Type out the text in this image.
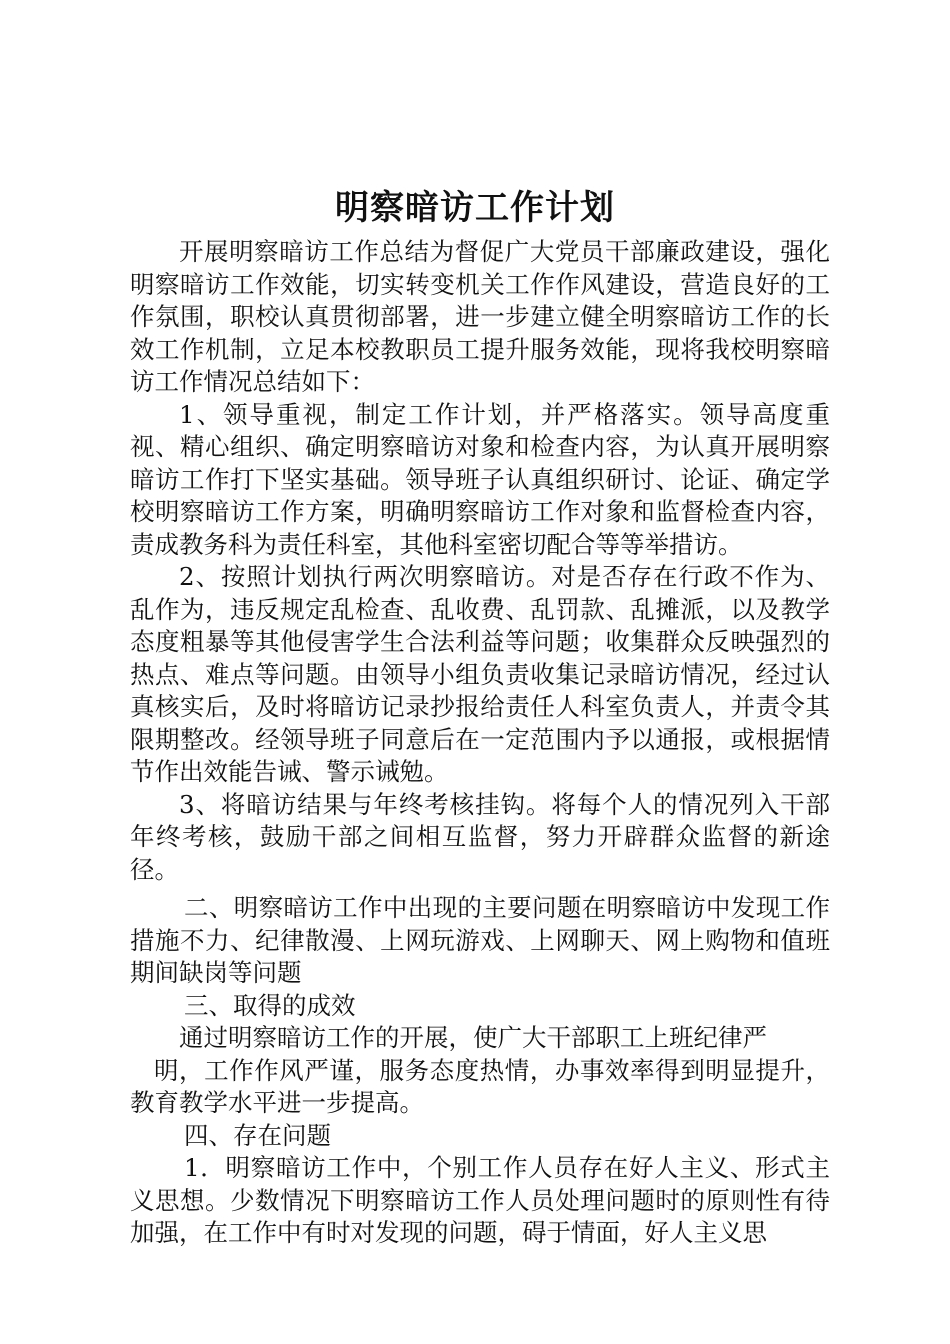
明察暗访工作计划

开展明察暗访工作总结为督促广大党员干部廉政建设，强化明察暗访工作效能，切实转变机关工作作风建设，营造良好的工作氛围，职校认真贯彻部署，进一步建立健全明察暗访工作的长效工作机制，立足本校教职员工提升服务效能，现将我校明察暗访工作情况总结如下：

1、领导重视，制定工作计划，并严格落实。领导高度重视、精心组织、确定明察暗访对象和检查内容，为认真开展明察暗访工作打下坚实基础。领导班子认真组织研讨、论证、确定学校明察暗访工作方案，明确明察暗访工作对象和监督检查内容，责成教务科为责任科室，其他科室密切配合等等举措访。

2、按照计划执行两次明察暗访。对是否存在行政不作为、乱作为，违反规定乱检查、乱收费、乱罚款、乱摊派，以及教学态度粗暴等其他侵害学生合法利益等问题；收集群众反映强烈的热点、难点等问题。由领导小组负责收集记录暗访情况，经过认真核实后，及时将暗访记录抄报给责任人科室负责人，并责令其限期整改。经领导班子同意后在一定范围内予以通报，或根据情节作出效能告诫、警示诫勉。

3、将暗访结果与年终考核挂钩。将每个人的情况列入干部年终考核，鼓励干部之间相互监督，努力开辟群众监督的新途径。

二、明察暗访工作中出现的主要问题在明察暗访中发现工作措施不力、纪律散漫、上网玩游戏、上网聊天、网上购物和值班期间缺岗等问题

三、取得的成效

通过明察暗访工作的开展，使广大干部职工上班纪律严

明，工作作风严谨，服务态度热情，办事效率得到明显提升，教育教学水平进一步提高。

四、存在问题

1．明察暗访工作中，个别工作人员存在好人主义、形式主义思想。少数情况下明察暗访工作人员处理问题时的原则性有待加强，在工作中有时对发现的问题，碍于情面，好人主义思
